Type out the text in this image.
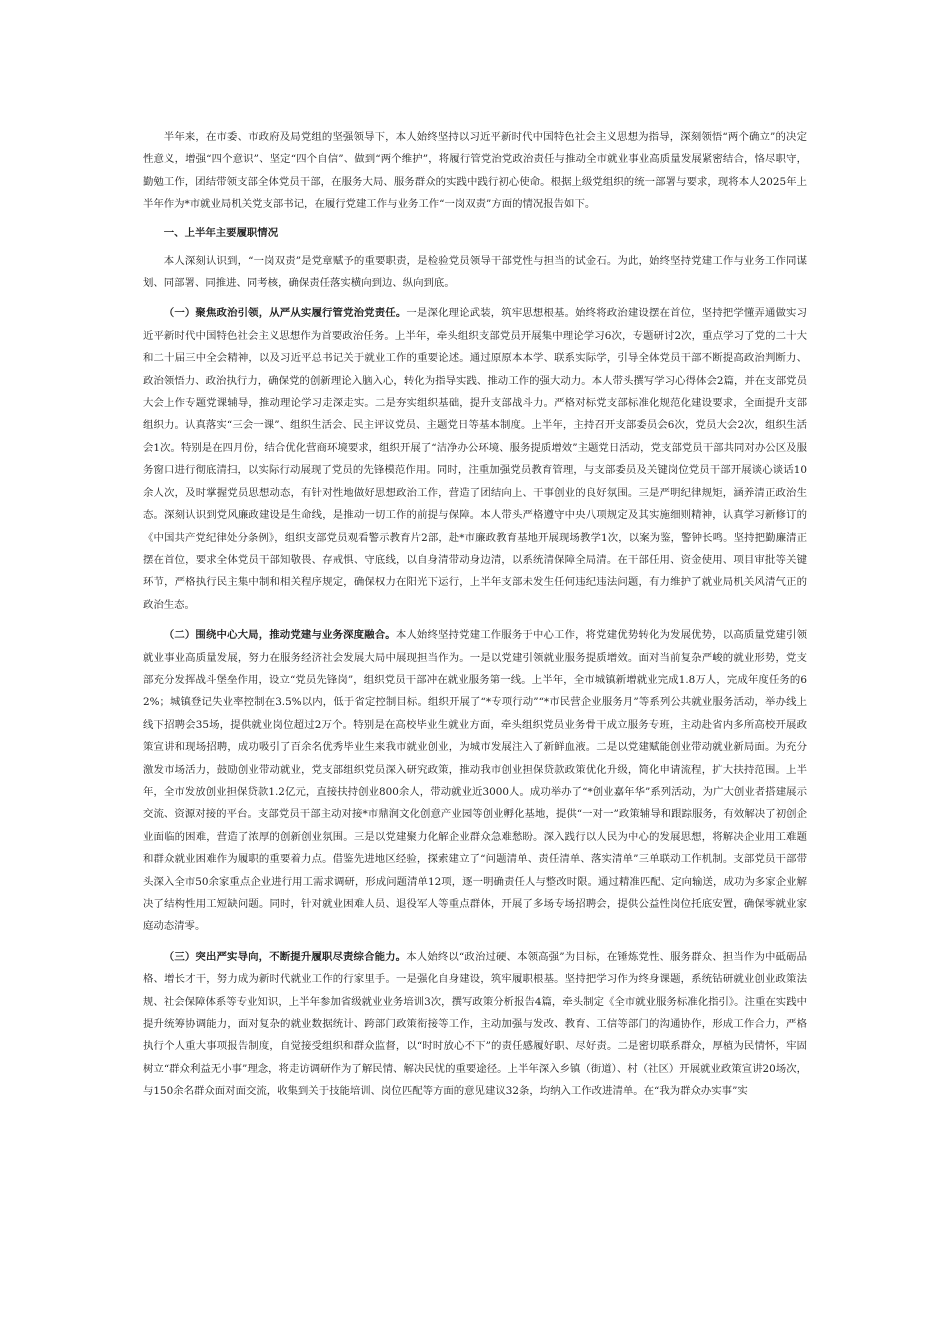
半年来，在市委、市政府及局党组的坚强领导下，本人始终坚持以习近平新时代中国特色社会主义思想为指导，深刻领悟“两个确立”的决定性意义，增强“四个意识”、坚定“四个自信”、做到“两个维护”，将履行管党治党政治责任与推动全市就业事业高质量发展紧密结合，恪尽职守，勤勉工作，团结带领支部全体党员干部，在服务大局、服务群众的实践中践行初心使命。根据上级党组织的统一部署与要求，现将本人2025年上半年作为*市就业局机关党支部书记，在履行党建工作与业务工作“一岗双责”方面的情况报告如下。

一、上半年主要履职情况

本人深刻认识到，“一岗双责”是党章赋予的重要职责，是检验党员领导干部党性与担当的试金石。为此，始终坚持党建工作与业务工作同谋划、同部署、同推进、同考核，确保责任落实横向到边、纵向到底。

（一）聚焦政治引领，从严从实履行管党治党责任。一是深化理论武装，筑牢思想根基。始终将政治建设摆在首位，坚持把学懂弄通做实习近平新时代中国特色社会主义思想作为首要政治任务。上半年，牵头组织支部党员开展集中理论学习6次，专题研讨2次，重点学习了党的二十大和二十届三中全会精神，以及习近平总书记关于就业工作的重要论述。通过原原本本学、联系实际学，引导全体党员干部不断提高政治判断力、政治领悟力、政治执行力，确保党的创新理论入脑入心，转化为指导实践、推动工作的强大动力。本人带头撰写学习心得体会2篇，并在支部党员大会上作专题党课辅导，推动理论学习走深走实。二是夯实组织基础，提升支部战斗力。严格对标党支部标准化规范化建设要求，全面提升支部组织力。认真落实“三会一课”、组织生活会、民主评议党员、主题党日等基本制度。上半年，主持召开支部委员会6次，党员大会2次，组织生活会1次。特别是在四月份，结合优化营商环境要求，组织开展了“洁净办公环境、服务提质增效”主题党日活动，党支部党员干部共同对办公区及服务窗口进行彻底清扫，以实际行动展现了党员的先锋模范作用。同时，注重加强党员教育管理，与支部委员及关键岗位党员干部开展谈心谈话10余人次，及时掌握党员思想动态，有针对性地做好思想政治工作，营造了团结向上、干事创业的良好氛围。三是严明纪律规矩，涵养清正政治生态。深刻认识到党风廉政建设是生命线，是推动一切工作的前提与保障。本人带头严格遵守中央八项规定及其实施细则精神，认真学习新修订的《中国共产党纪律处分条例》，组织支部党员观看警示教育片2部，赴*市廉政教育基地开展现场教学1次，以案为鉴，警钟长鸣。坚持把勤廉清正摆在首位，要求全体党员干部知敬畏、存戒惧、守底线，以自身清带动身边清，以系统清保障全局清。在干部任用、资金使用、项目审批等关键环节，严格执行民主集中制和相关程序规定，确保权力在阳光下运行，上半年支部未发生任何违纪违法问题，有力维护了就业局机关风清气正的政治生态。

（二）围绕中心大局，推动党建与业务深度融合。本人始终坚持党建工作服务于中心工作，将党建优势转化为发展优势，以高质量党建引领就业事业高质量发展，努力在服务经济社会发展大局中展现担当作为。一是以党建引领就业服务提质增效。面对当前复杂严峻的就业形势，党支部充分发挥战斗堡垒作用，设立“党员先锋岗”，组织党员干部冲在就业服务第一线。上半年，全市城镇新增就业完成1.8万人，完成年度任务的62%；城镇登记失业率控制在3.5%以内，低于省定控制目标。组织开展了“*专项行动”“*市民营企业服务月”等系列公共就业服务活动，举办线上线下招聘会35场，提供就业岗位超过2万个。特别是在高校毕业生就业方面，牵头组织党员业务骨干成立服务专班，主动赴省内多所高校开展政策宣讲和现场招聘，成功吸引了百余名优秀毕业生来我市就业创业，为城市发展注入了新鲜血液。二是以党建赋能创业带动就业新局面。为充分激发市场活力，鼓励创业带动就业，党支部组织党员深入研究政策，推动我市创业担保贷款政策优化升级，简化申请流程，扩大扶持范围。上半年，全市发放创业担保贷款1.2亿元，直接扶持创业800余人，带动就业近3000人。成功举办了“*创业嘉年华”系列活动，为广大创业者搭建展示交流、资源对接的平台。支部党员干部主动对接*市鼎润文化创意产业园等创业孵化基地，提供“一对一”政策辅导和跟踪服务，有效解决了初创企业面临的困难，营造了浓厚的创新创业氛围。三是以党建聚力化解企业群众急难愁盼。深入践行以人民为中心的发展思想，将解决企业用工难题和群众就业困难作为履职的重要着力点。借鉴先进地区经验，探索建立了“问题清单、责任清单、落实清单”三单联动工作机制。支部党员干部带头深入全市50余家重点企业进行用工需求调研，形成问题清单12项，逐一明确责任人与整改时限。通过精准匹配、定向输送，成功为多家企业解决了结构性用工短缺问题。同时，针对就业困难人员、退役军人等重点群体，开展了多场专场招聘会，提供公益性岗位托底安置，确保零就业家庭动态清零。

（三）突出严实导向，不断提升履职尽责综合能力。本人始终以“政治过硬、本领高强”为目标，在锤炼党性、服务群众、担当作为中砥砺品格、增长才干，努力成为新时代就业工作的行家里手。一是强化自身建设，筑牢履职根基。坚持把学习作为终身课题，系统钻研就业创业政策法规、社会保障体系等专业知识，上半年参加省级就业业务培训3次，撰写政策分析报告4篇，牵头制定《全市就业服务标准化指引》。注重在实践中提升统筹协调能力，面对复杂的就业数据统计、跨部门政策衔接等工作，主动加强与发改、教育、工信等部门的沟通协作，形成工作合力，严格执行个人重大事项报告制度，自觉接受组织和群众监督，以“时时放心不下”的责任感履好职、尽好责。二是密切联系群众，厚植为民情怀，牢固树立“群众利益无小事”理念，将走访调研作为了解民情、解决民忧的重要途径。上半年深入乡镇（街道）、村（社区）开展就业政策宣讲20场次，与150余名群众面对面交流，收集到关于技能培训、岗位匹配等方面的意见建议32条，均纳入工作改进清单。在“我为群众办实事”实
